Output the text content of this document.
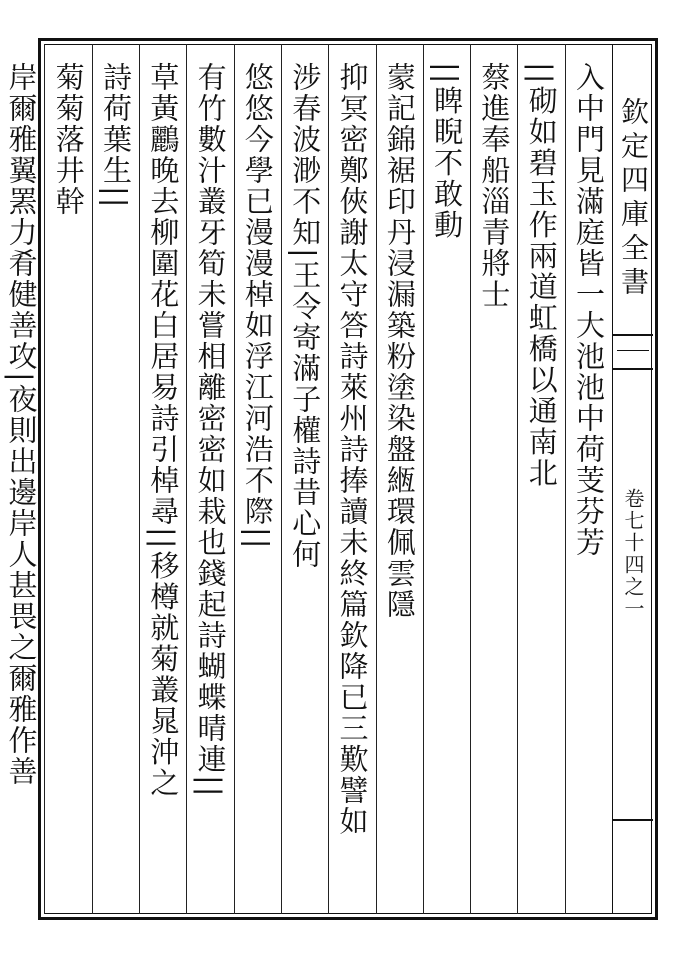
欽定四庫全書
卷七十四之一
入中門見滿庭皆一大池池中荷芰芬芳
||砌如碧玉作兩道虹橋以通南北
蔡進奉船淄青將士
||睥睨不敢動
蒙記錦裾印丹浸漏築粉塗染盤緪環佩雲隱
抑冥密鄭俠謝太守答詩萊州詩捧讀未終篇欽降已三歎譬如
涉春波渺不知|王令寄滿子權詩昔心何
悠悠今學已漫漫棹如浮江河浩不際||
有竹數汁叢牙筍未嘗相離密密如栽也錢起詩蝴蝶晴連||
草黃鸝晚去柳圍花白居易詩引棹尋||移樽就菊叢晁沖之
詩荷葉生||
菊菊落井幹
岸爾雅翼罴力肴健善攻|夜則出邊岸人甚畏之爾雅作善
